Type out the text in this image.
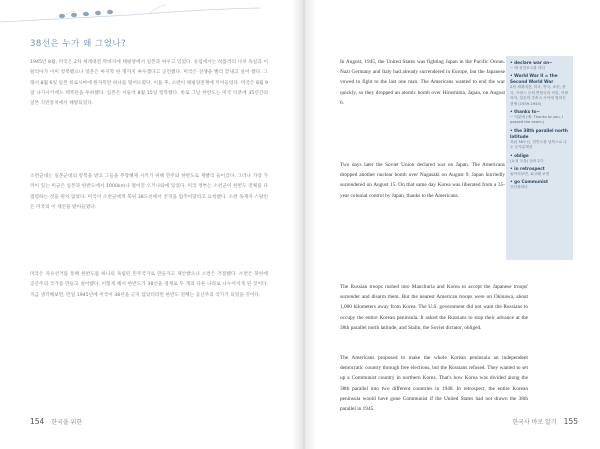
38선은 누가 왜 그었나?
1945년 8월, 미국은 2차 세계대전 막바지에 태평양에서 일본과 싸우고 있었다. 유럽에서는 히틀러의 나치 독일과 이탈리아가 이미 항복했으나 일본은 마지막 한 명까지 싸우겠다고 공언했다. 미국은 전쟁을 빨리 끝내고 싶어 했다. 그래서 8월 6일 일본 히로시마에 원자폭탄 하나를 떨어뜨렸다. 이틀 후, 소련이 태평양전쟁에 끼어들었다. 미국은 8월 9일 나가사키에도 핵폭탄을 투하했다. 일본은 서둘러 8월 15일 항복했다. 바로 그날 한반도는 미국 덕분에 35년간의 일본 식민통치에서 해방되었다.
소련군대는 일본군대의 항복을 받고 그들을 무장해제 시키기 위해 만주와 한반도로 재빨리 들어갔다. 그러나 가장 가까이 있는 미군은 일본과 한반도에서 1000km나 떨어진 오키나와에 있었다. 미국 정부는 소련군이 한반도 전체를 다 점령하는 것을 원치 않았다. 미국이 소련군에게 북위 38도선에서 진격을 멈추어달라고 요청했다. 소련 독재자 스탈린은 미국의 이 제안을 받아들였다.
미국은 자유선거를 통해 한반도를 하나의 독립된 민주국가로 만들자고 제안했으나 소련은 거절했다. 소련은 북한에 공산주의 국가를 만들고 싶어했다. 이렇게 해서 한반도가 38선을 경계로 두 개의 다른 나라로 나누어지게 된 것이다. 지금 생각해보면, 만일 1945년에 미국이 38선을 긋지 않았더라면 한반도 전체는 공산주의 국가가 되었을 것이다.
154 한국을 위한

In August, 1945, the United States was fighting Japan in the Pacific Ocean. Nazi Germany and Italy had already surrendered in Europe, but the Japanese vowed to fight to the last one man. The Americans wanted to end the war quickly, so they dropped an atomic bomb over Hiroshima, Japan, on August 6.

Two days later the Soviet Union declared war on Japan. The Americans dropped another nuclear bomb over Nagasaki on August 9. Japan hurriedly surrendered on August 15. On that same day Korea was liberated from a 35-year colonial control by Japan, thanks to the Americans.

The Russian troops rushed into Manchuria and Korea to accept the Japanese troops' surrender and disarm them. But the nearest American troops were on Okinawa, about 1,000 kilometers away from Korea. The U.S. government did not want the Russians to occupy the entire Korean peninsula. It asked the Russians to stop their advance at the 38th parallel north latitude, and Stalin, the Soviet dictator, obliged.

The Americans proposed to make the whole Korean peninsula an independent democratic country through free elections, but the Russians refused. They wanted to set up a Communist country in northern Korea. That's how Korea was divided along the 38th parallel into two different countries in 1948. In retrospect, the entire Korean peninsula would have gone Communist if the United States had not drawn the 38th parallel in 1945.

• declare war on~
~ 에 선전포고를 하다
• World War II = the Second World War
2차 세계대전, 미국, 영국, 소련, 중국, 프랑스 등의 연합국과 독일, 이탈리아, 일본의 추축국 사이에 벌어진 전쟁 (1939-1945)
• thanks to~
~ 덕분에 (예: Thanks to you, I passed the exam.)
• the 38th parallel north latitude
북위 38도선, 한반도를 남북으로 나눈 군사분계선
• oblige
(요청 등을) 들어주다
• in retrospect
돌이켜보면, 회고해 보면
• go Communist
공산화되다
한국사 바로 알기 155
